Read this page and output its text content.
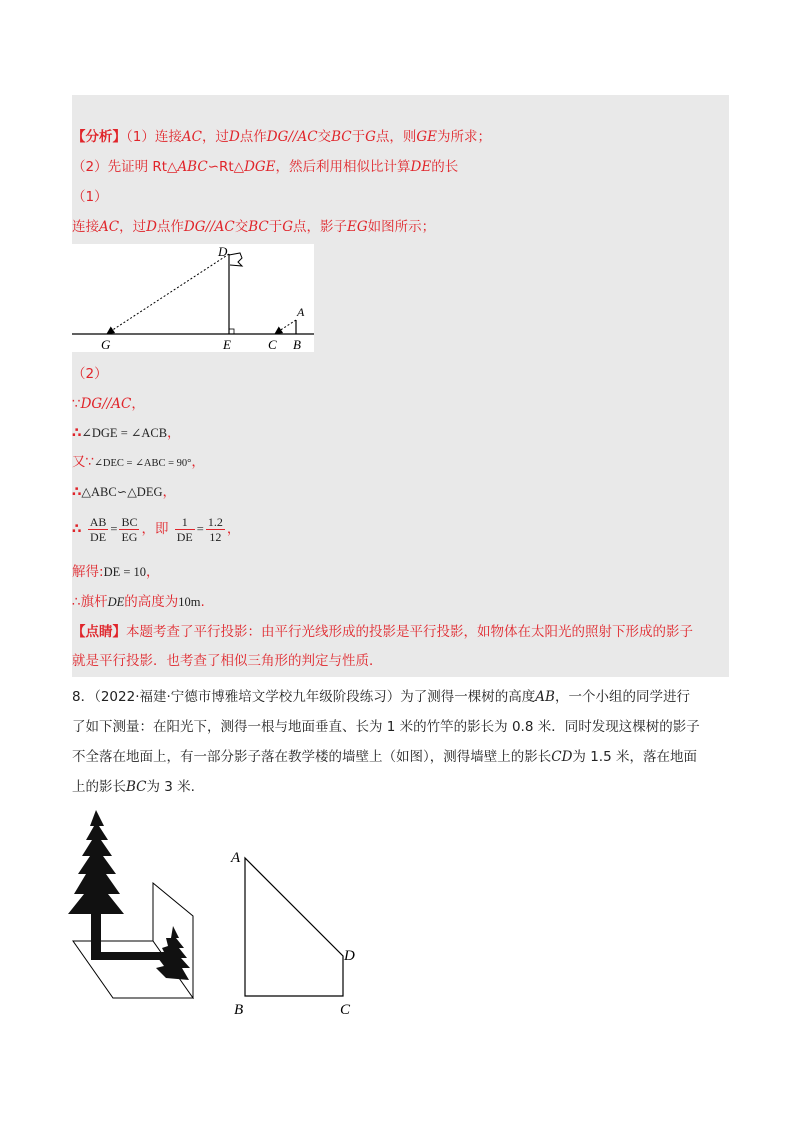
【分析】（1）连接AC，过D点作DG//AC交BC于G点，则GE为所求；
（2）先证明 Rt△ABC∽Rt△DGE，然后利用相似比计算DE的长
（1）
连接AC，过D点作DG//AC交BC于G点，影子EG如图所示；
D
A
G	E	C B
（2）
∵DG//AC，
∴∠DGE = ∠ACB，
又∵∠DEC = ∠ABC = 90°，
∴△ABC∽△DEG，
∴ $\frac{AB}{DE} = \frac{BC}{EG}$ ，即 $\frac{1}{DE} = \frac{1.2}{12}$ ，
解得:DE = 10，
∴旗杆DE的高度为10m.
【点睛】本题考查了平行投影：由平行光线形成的投影是平行投影，如物体在太阳光的照射下形成的影子
就是平行投影．也考查了相似三角形的判定与性质．
8．（2022·福建·宁德市博雅培文学校九年级阶段练习）为了测得一棵树的高度AB，一个小组的同学进行
了如下测量：在阳光下，测得一根与地面垂直、长为 1 米的竹竿的影长为 0.8 米．同时发现这棵树的影子
不全落在地面上，有一部分影子落在教学楼的墙壁上（如图），测得墙壁上的影长CD为 1.5 米，落在地面
上的影长BC为 3 米.
A
B	C
D
